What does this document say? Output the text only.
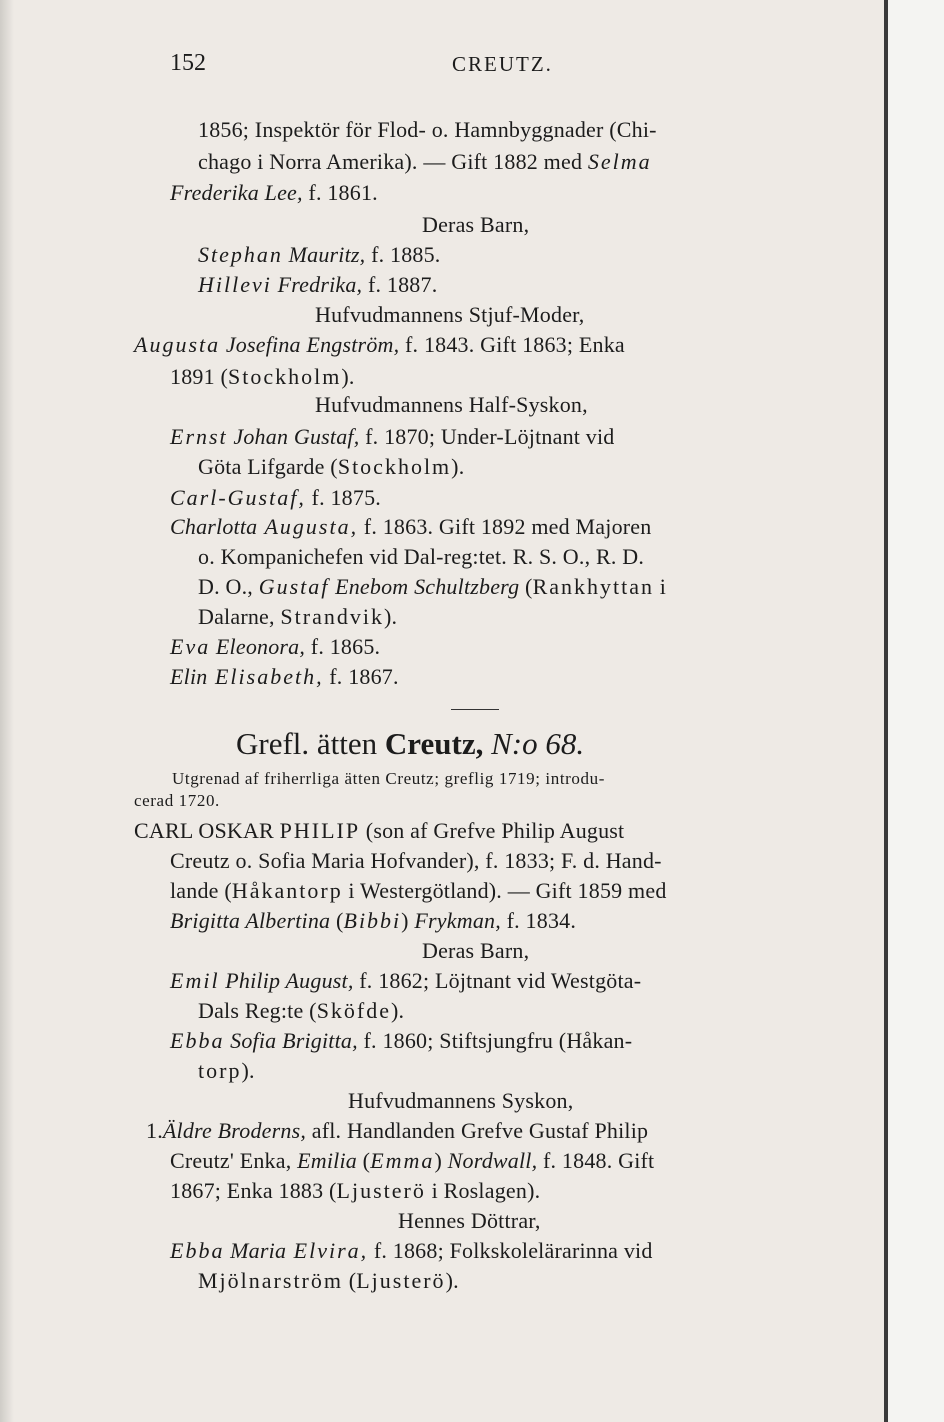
152	CREUTZ.
1856; Inspektör för Flod- o. Hamnbyggnader (Chi-
chago i Norra Amerika). — Gift 1882 med Selma
Frederika Lee, f. 1861.
Deras Barn,
Stephan Mauritz, f. 1885.
Hillevi Fredrika, f. 1887.
Hufvudmannens Stjuf-Moder,
Augusta Josefina Engström, f. 1843. Gift 1863; Enka
1891 (Stockholm).
Hufvudmannens Half-Syskon,
Ernst Johan Gustaf, f. 1870; Under-Löjtnant vid
Göta Lifgarde (Stockholm).
Carl-Gustaf, f. 1875.
Charlotta Augusta, f. 1863. Gift 1892 med Majoren
o. Kompanichefen vid Dal-reg:tet. R. S. O., R. D.
D. O., Gustaf Enebom Schultzberg (Rankhyttan i
Dalarne, Strandvik).
Eva Eleonora, f. 1865.
Elin Elisabeth, f. 1867.
Grefl. ätten Creutz, N:o 68.
Utgrenad af friherrliga ätten Creutz; greflig 1719; introdu-
cerad 1720.
CARL OSKAR PHILIP (son af Grefve Philip August
Creutz o. Sofia Maria Hofvander), f. 1833; F. d. Hand-
lande (Håkantorp i Westergötland). — Gift 1859 med
Brigitta Albertina (Bibbi) Frykman, f. 1834.
Deras Barn,
Emil Philip August, f. 1862; Löjtnant vid Westgöta-
Dals Reg:te (Sköfde).
Ebba Sofia Brigitta, f. 1860; Stiftsjungfru (Håkan-
torp).
Hufvudmannens Syskon,
1.Äldre Broderns, afl. Handlanden Grefve Gustaf Philip
Creutz' Enka, Emilia (Emma) Nordwall, f. 1848. Gift
1867; Enka 1883 (Ljusterö i Roslagen).
Hennes Döttrar,
Ebba Maria Elvira, f. 1868; Folkskolelärarinna vid
Mjölnarström (Ljusterö).
